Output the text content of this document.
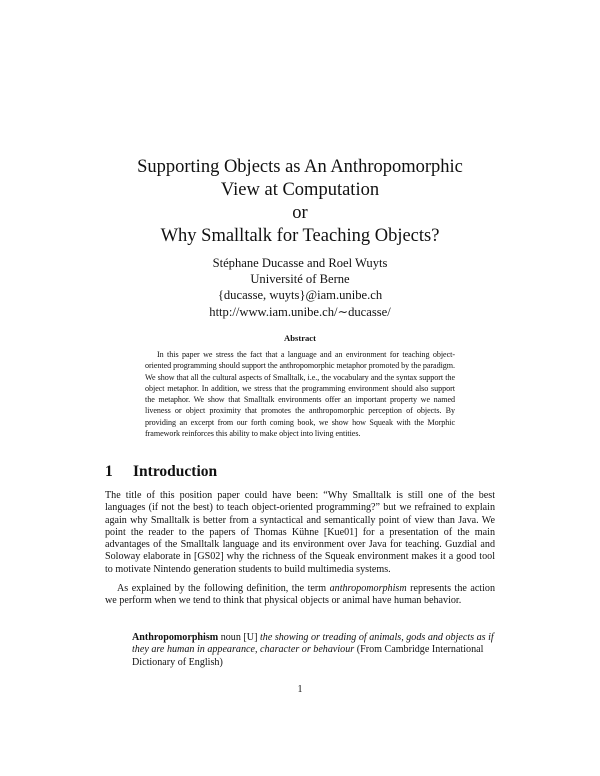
Supporting Objects as An Anthropomorphic
View at Computation
or
Why Smalltalk for Teaching Objects?
Stéphane Ducasse and Roel Wuyts
Université of Berne
{ducasse, wuyts}@iam.unibe.ch
http://www.iam.unibe.ch/∼ducasse/
Abstract
In this paper we stress the fact that a language and an environment for teaching object-oriented programming should support the anthropomorphic metaphor promoted by the paradigm. We show that all the cultural aspects of Smalltalk, i.e., the vocabulary and the syntax support the object metaphor. In addition, we stress that the programming environment should also support the metaphor. We show that Smalltalk environments offer an important property we named liveness or object proximity that promotes the anthropomorphic perception of objects. By providing an excerpt from our forth coming book, we show how Squeak with the Morphic framework reinforces this ability to make object into living entities.
1 Introduction
The title of this position paper could have been: “Why Smalltalk is still one of the best languages (if not the best) to teach object-oriented programming?” but we refrained to explain again why Smalltalk is better from a syntactical and semantically point of view than Java. We point the reader to the papers of Thomas Kühne [Kue01] for a presentation of the main advantages of the Smalltalk language and its environment over Java for teaching. Guzdial and Soloway elaborate in [GS02] why the richness of the Squeak environment makes it a good tool to motivate Nintendo generation students to build multimedia systems.
As explained by the following definition, the term anthropomorphism represents the action we perform when we tend to think that physical objects or animal have human behavior.
Anthropomorphism noun [U] the showing or treading of animals, gods and objects as if they are human in appearance, character or behaviour (From Cambridge International Dictionary of English)
1
